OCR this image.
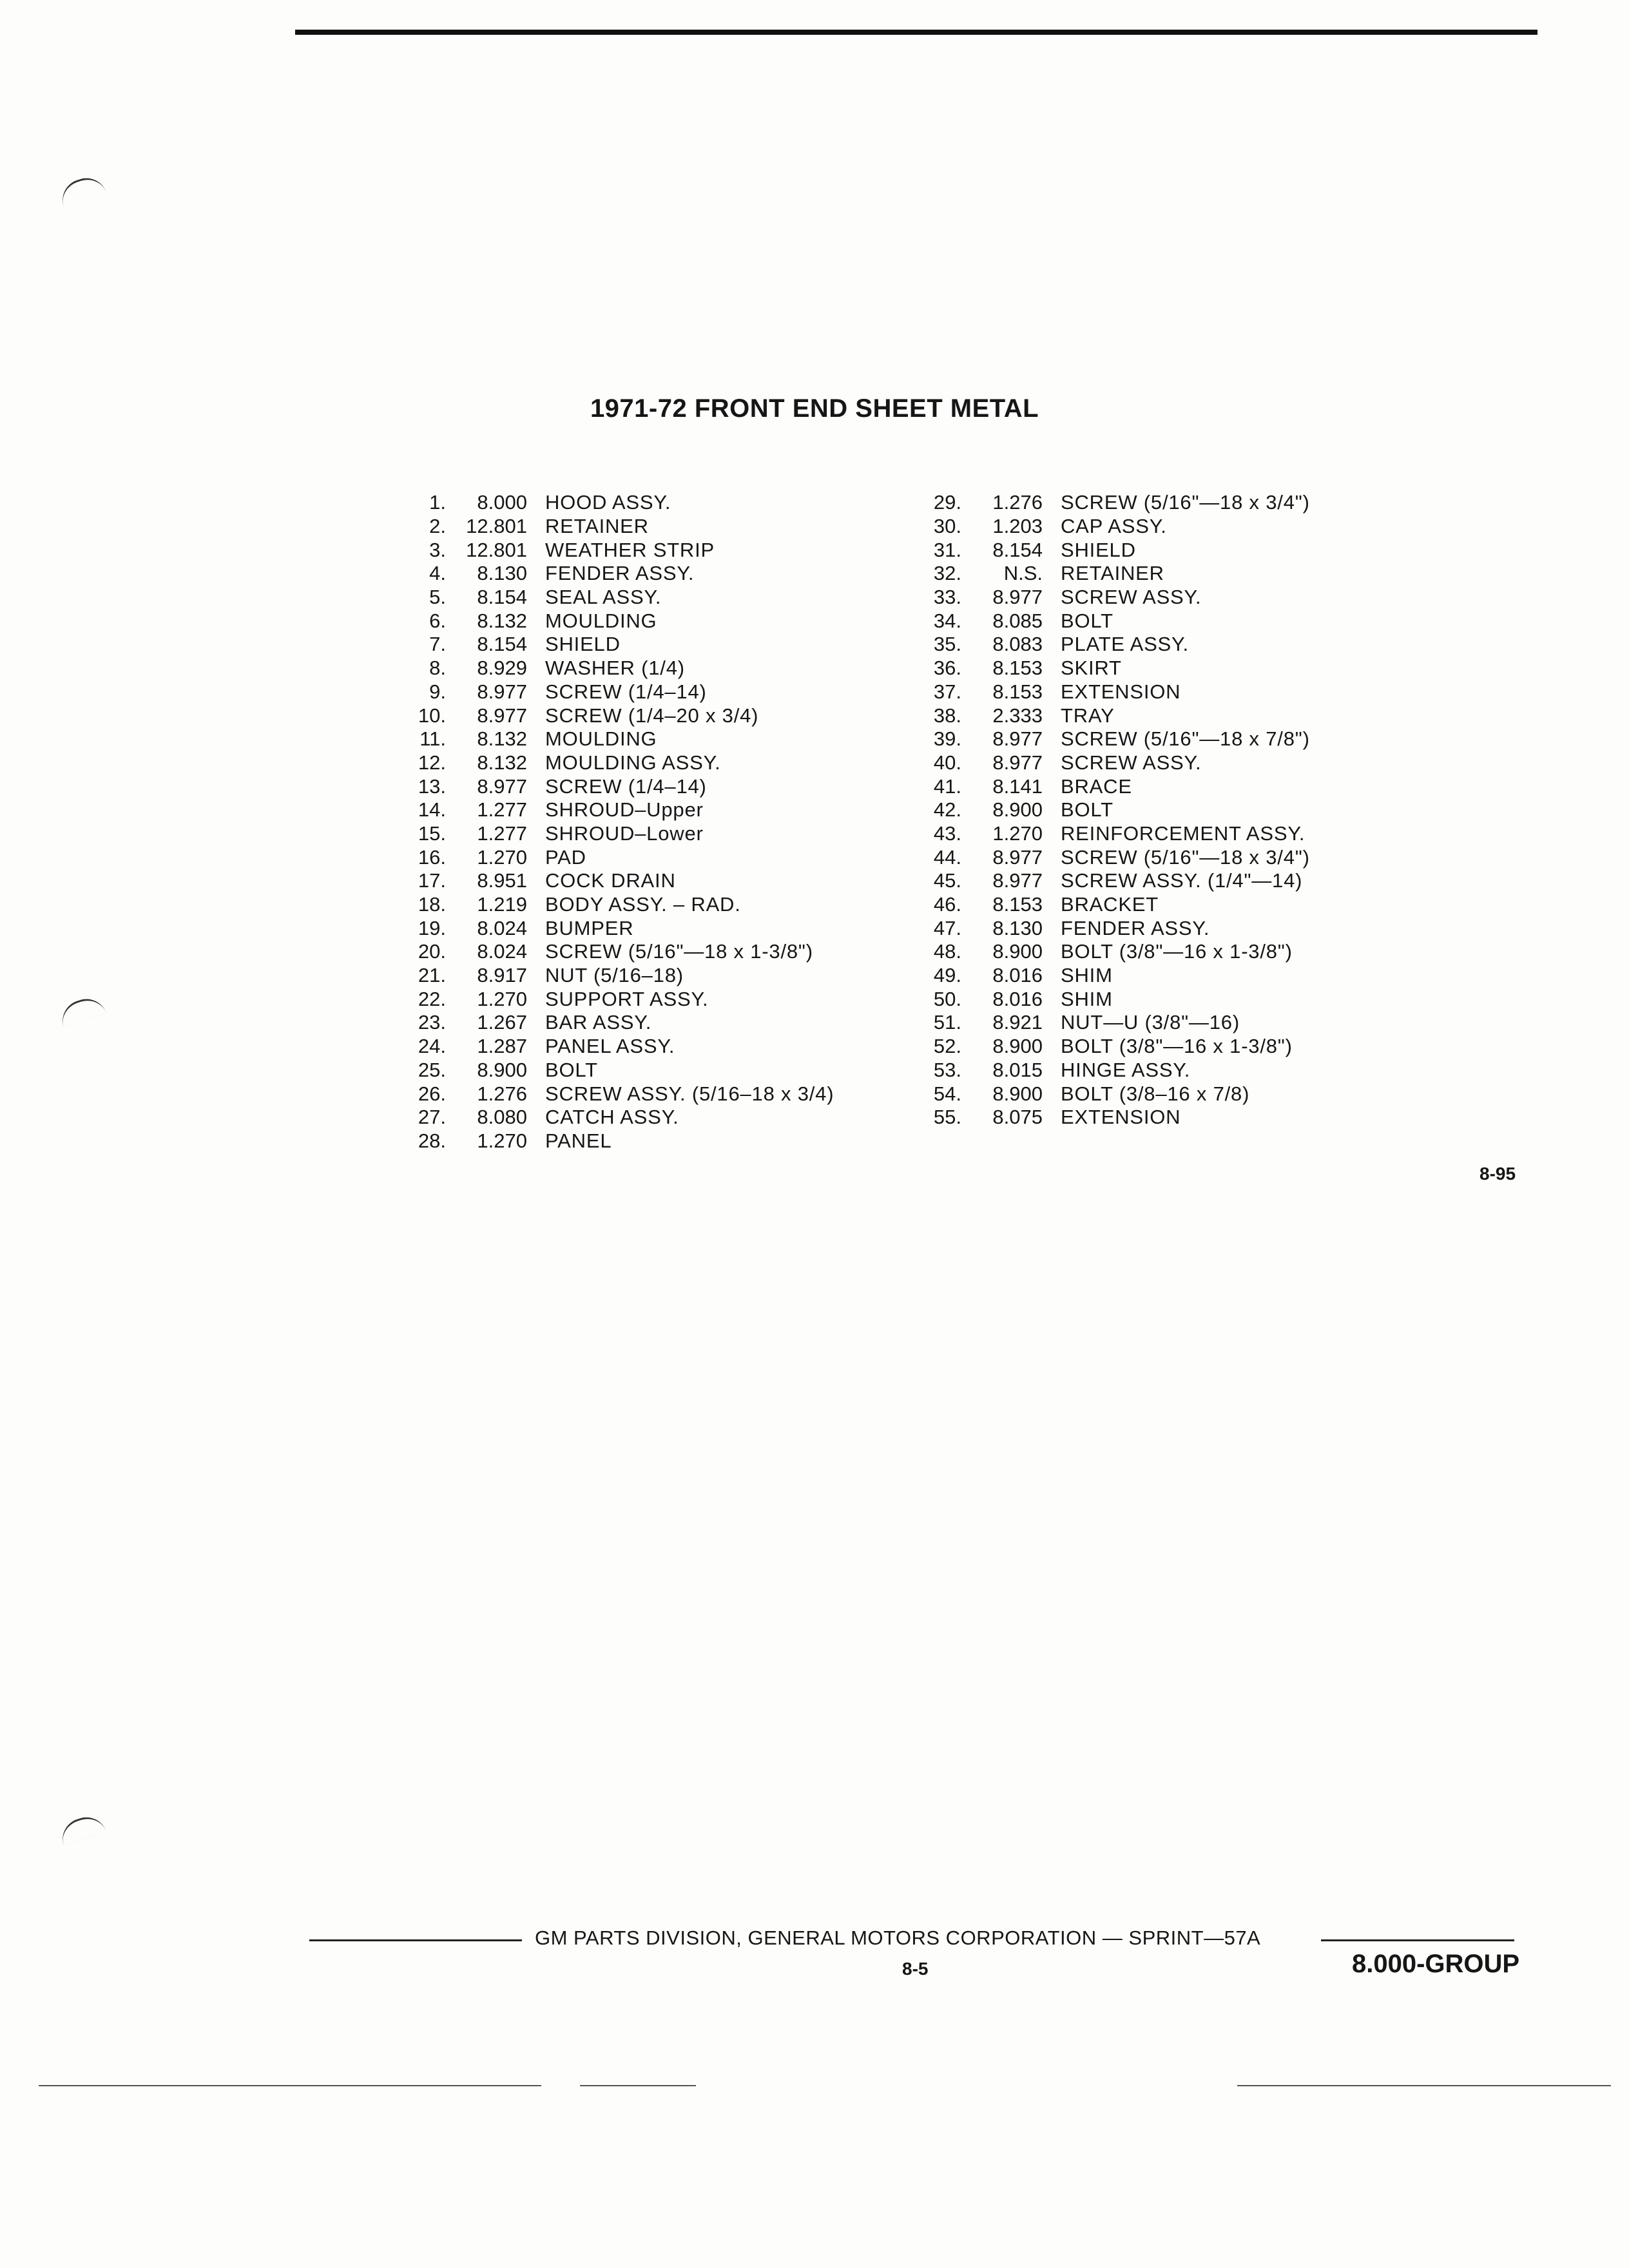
1971-72 FRONT END SHEET METAL
1.	8.000 HOOD ASSY.
2.	12.801 RETAINER
3.	12.801 WEATHER STRIP
4.	8.130 FENDER ASSY.
5.	8.154 SEAL ASSY.
6.	8.132 MOULDING
7.	8.154 SHIELD
8.	8.929 WASHER (1/4)
9.	8.977 SCREW (1/4–14)
10.	8.977 SCREW (1/4–20 x 3/4)
11.	8.132 MOULDING
12.	8.132 MOULDING ASSY.
13.	8.977 SCREW (1/4–14)
14.	1.277 SHROUD–Upper
15.	1.277 SHROUD–Lower
16.	1.270 PAD
17.	8.951 COCK DRAIN
18.	1.219 BODY ASSY. – RAD.
19.	8.024 BUMPER
20.	8.024 SCREW (5/16"—18 x 1-3/8")
21.	8.917 NUT (5/16–18)
22.	1.270 SUPPORT ASSY.
23.	1.267 BAR ASSY.
24.	1.287 PANEL ASSY.
25.	8.900 BOLT
26.	1.276 SCREW ASSY. (5/16–18 x 3/4)
27.	8.080 CATCH ASSY.
28.	1.270 PANEL
29.	1.276 SCREW (5/16"—18 x 3/4")
30.	1.203 CAP ASSY.
31.	8.154 SHIELD
32.	N.S. RETAINER
33.	8.977 SCREW ASSY.
34.	8.085 BOLT
35.	8.083 PLATE ASSY.
36.	8.153 SKIRT
37.	8.153 EXTENSION
38.	2.333 TRAY
39.	8.977 SCREW (5/16"—18 x 7/8")
40.	8.977 SCREW ASSY.
41.	8.141 BRACE
42.	8.900 BOLT
43.	1.270 REINFORCEMENT ASSY.
44.	8.977 SCREW (5/16"—18 x 3/4")
45.	8.977 SCREW ASSY. (1/4"—14)
46.	8.153 BRACKET
47.	8.130 FENDER ASSY.
48.	8.900 BOLT (3/8"—16 x 1-3/8")
49.	8.016 SHIM
50.	8.016 SHIM
51.	8.921 NUT—U (3/8"—16)
52.	8.900 BOLT (3/8"—16 x 1-3/8")
53.	8.015 HINGE ASSY.
54.	8.900 BOLT (3/8–16 x 7/8)
55.	8.075 EXTENSION
8-95
GM PARTS DIVISION, GENERAL MOTORS CORPORATION — SPRINT—57A
8-5	8.000-GROUP
